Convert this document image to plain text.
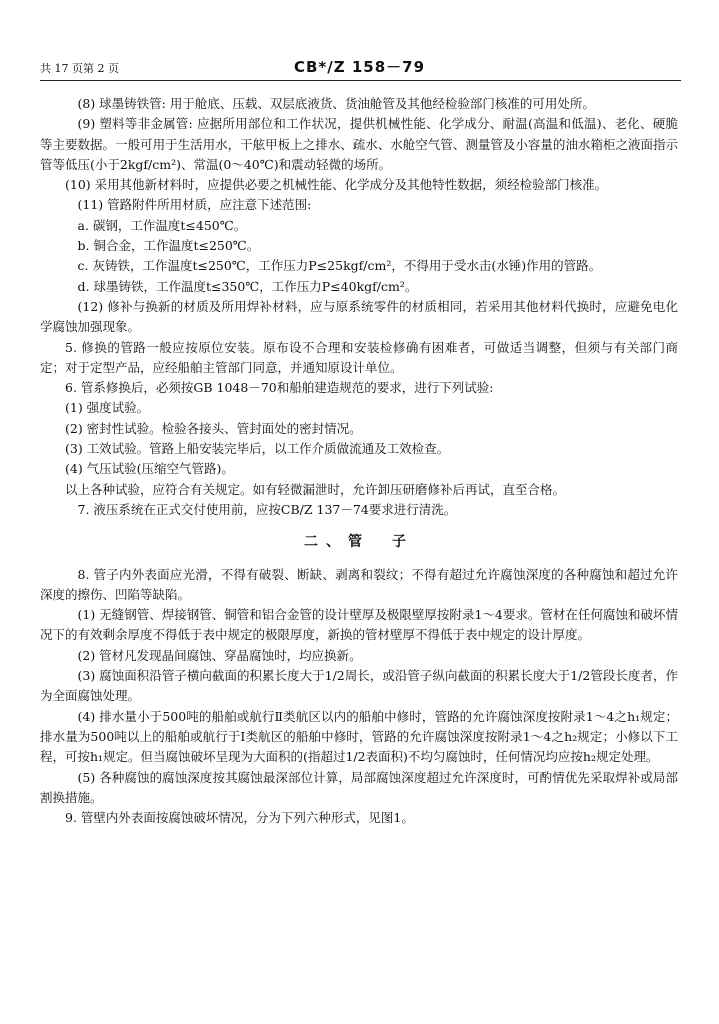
共 17 页第 2 页	CB*/Z 158－79

(8) 球墨铸铁管: 用于舱底、压载、双层底液货、货油舱管及其他经检验部门核准的可用处所。

(9) 塑料等非金属管: 应据所用部位和工作状况，提供机械性能、化学成分、耐温(高温和低温)、老化、硬脆等主要数据。一般可用于生活用水，干舷甲板上之排水、疏水、水舱空气管、测量管及小容量的油水箱柜之液面指示管等低压(小于2kgf/cm²)、常温(0～40℃)和震动轻微的场所。

(10) 采用其他新材料时，应提供必要之机械性能、化学成分及其他特性数据，须经检验部门核准。

(11) 管路附件所用材质，应注意下述范围:

a. 碳钢，工作温度t≤450℃。

b. 铜合金，工作温度t≤250℃。

c. 灰铸铁，工作温度t≤250℃，工作压力P≤25kgf/cm²，不得用于受水击(水锤)作用的管路。

d. 球墨铸铁，工作温度t≤350℃，工作压力P≤40kgf/cm²。

(12) 修补与换新的材质及所用焊补材料，应与原系统零件的材质相同，若采用其他材料代换时，应避免电化学腐蚀加强现象。

5. 修换的管路一般应按原位安装。原布设不合理和安装检修确有困难者，可做适当调整，但须与有关部门商定；对于定型产品，应经船舶主管部门同意，并通知原设计单位。

6. 管系修换后，必须按GB 1048－70和船舶建造规范的要求，进行下列试验:

(1) 强度试验。

(2) 密封性试验。检验各接头、管封面处的密封情况。

(3) 工效试验。管路上船安装完毕后，以工作介质做流通及工效检查。

(4) 气压试验(压缩空气管路)。

以上各种试验，应符合有关规定。如有轻微漏泄时，允许卸压研磨修补后再试，直至合格。

7. 液压系统在正式交付使用前，应按CB/Z 137－74要求进行清洗。

二、管　子

8. 管子内外表面应光滑，不得有破裂、断缺、剥离和裂纹；不得有超过允许腐蚀深度的各种腐蚀和超过允许深度的擦伤、凹陷等缺陷。

(1) 无缝钢管、焊接钢管、铜管和铝合金管的设计壁厚及极限壁厚按附录1～4要求。管材在任何腐蚀和破坏情况下的有效剩余厚度不得低于表中规定的极限厚度，新换的管材壁厚不得低于表中规定的设计厚度。

(2) 管材凡发现晶间腐蚀、穿晶腐蚀时，均应换新。

(3) 腐蚀面积沿管子横向截面的积累长度大于1/2周长，或沿管子纵向截面的积累长度大于1/2管段长度者，作为全面腐蚀处理。

(4) 排水量小于500吨的船舶或航行Ⅱ类航区以内的船舶中修时，管路的允许腐蚀深度按附录1～4之h₁规定；排水量为500吨以上的船舶或航行于Ⅰ类航区的船舶中修时，管路的允许腐蚀深度按附录1～4之h₂规定；小修以下工程，可按h₁规定。但当腐蚀破坏呈现为大面积的(指超过1/2表面积)不均匀腐蚀时，任何情况均应按h₂规定处理。

(5) 各种腐蚀的腐蚀深度按其腐蚀最深部位计算，局部腐蚀深度超过允许深度时，可酌情优先采取焊补或局部割换措施。

9. 管壁内外表面按腐蚀破坏情况，分为下列六种形式，见图1。
